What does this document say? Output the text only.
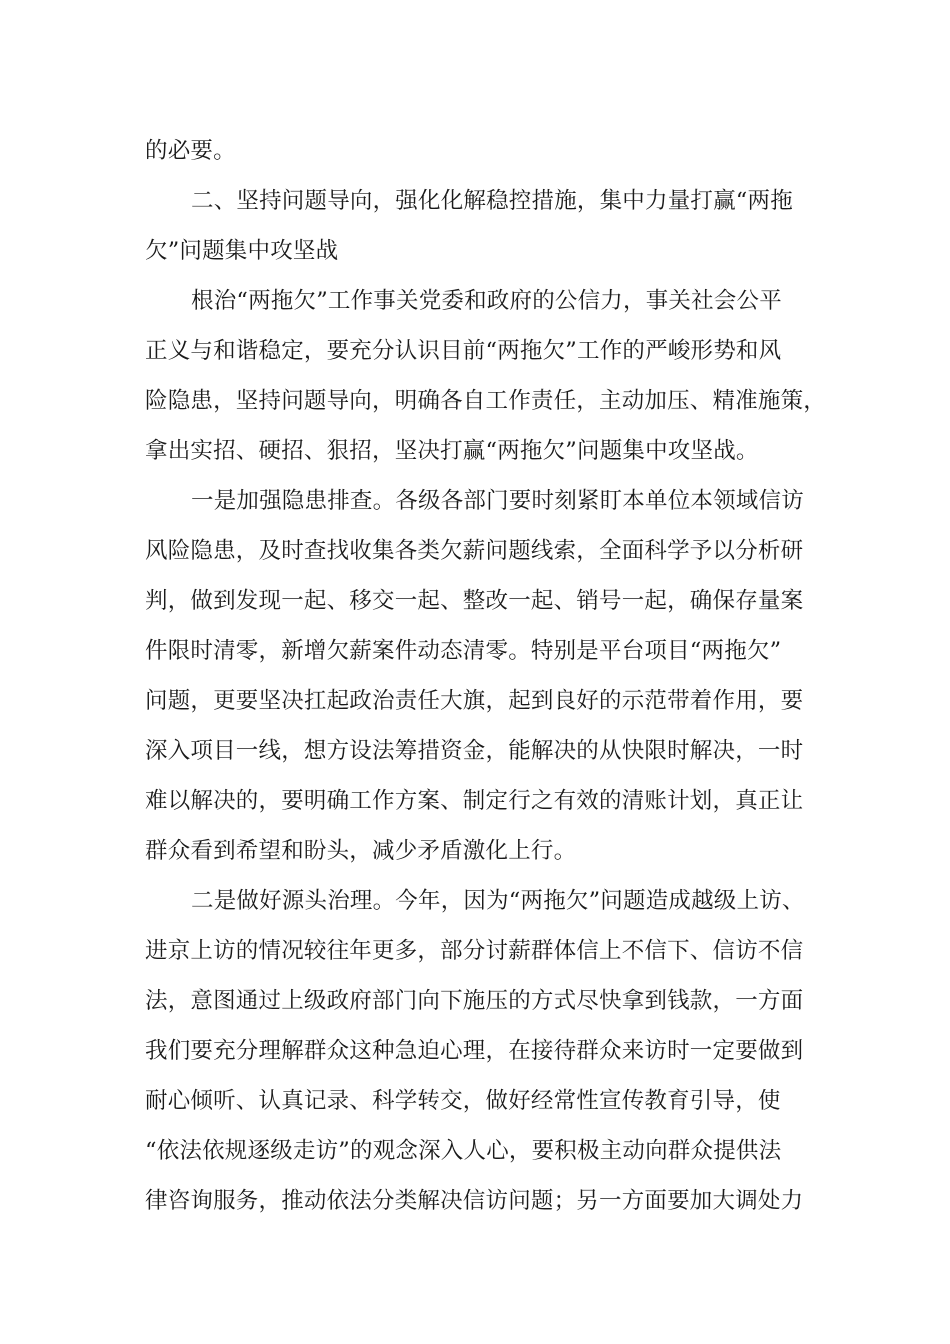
的必要。

二、坚持问题导向，强化化解稳控措施，集中力量打赢“两拖

欠”问题集中攻坚战

根治“两拖欠”工作事关党委和政府的公信力，事关社会公平

正义与和谐稳定，要充分认识目前“两拖欠”工作的严峻形势和风

险隐患，坚持问题导向，明确各自工作责任，主动加压、精准施策，

拿出实招、硬招、狠招，坚决打赢“两拖欠”问题集中攻坚战。

一是加强隐患排查。各级各部门要时刻紧盯本单位本领域信访

风险隐患，及时查找收集各类欠薪问题线索，全面科学予以分析研

判，做到发现一起、移交一起、整改一起、销号一起，确保存量案

件限时清零，新增欠薪案件动态清零。特别是平台项目“两拖欠”

问题，更要坚决扛起政治责任大旗，起到良好的示范带着作用，要

深入项目一线，想方设法筹措资金，能解决的从快限时解决，一时

难以解决的，要明确工作方案、制定行之有效的清账计划，真正让

群众看到希望和盼头，减少矛盾激化上行。

二是做好源头治理。今年，因为“两拖欠”问题造成越级上访、

进京上访的情况较往年更多，部分讨薪群体信上不信下、信访不信

法，意图通过上级政府部门向下施压的方式尽快拿到钱款，一方面

我们要充分理解群众这种急迫心理，在接待群众来访时一定要做到

耐心倾听、认真记录、科学转交，做好经常性宣传教育引导，使

“依法依规逐级走访”的观念深入人心，要积极主动向群众提供法

律咨询服务，推动依法分类解决信访问题；另一方面要加大调处力
